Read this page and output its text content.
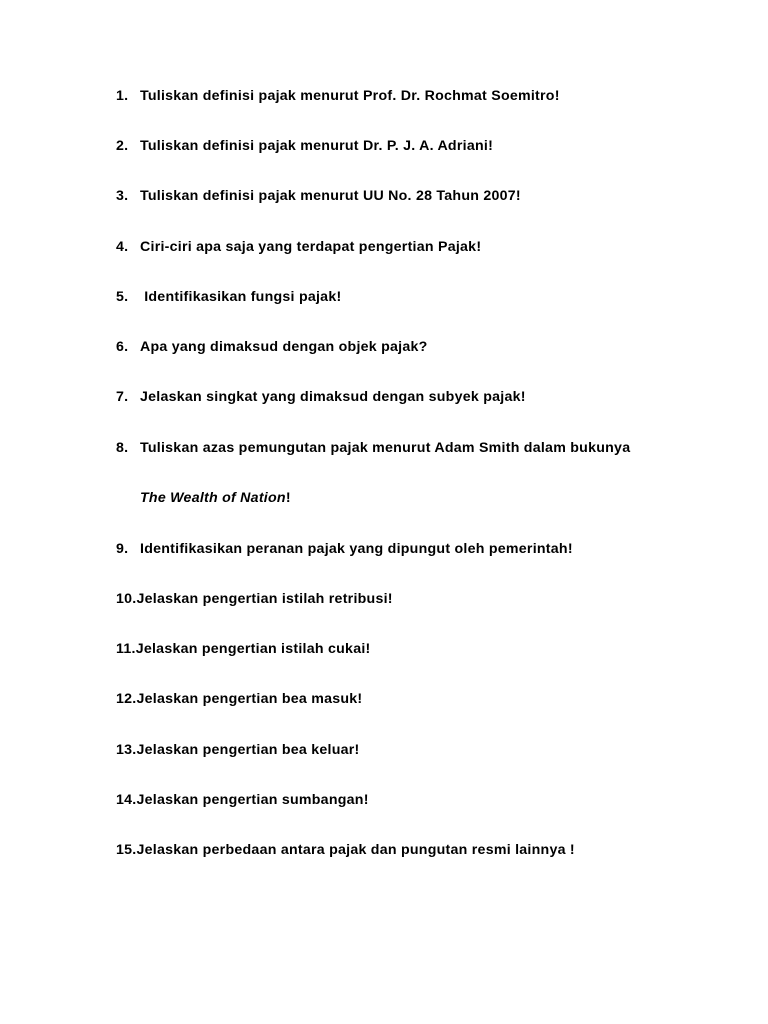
1. Tuliskan definisi pajak menurut Prof. Dr. Rochmat Soemitro!
2. Tuliskan definisi pajak menurut Dr. P. J. A. Adriani!
3. Tuliskan definisi pajak menurut UU No. 28 Tahun 2007!
4. Ciri-ciri apa saja yang terdapat pengertian Pajak!
5. Identifikasikan fungsi pajak!
6. Apa yang dimaksud dengan objek pajak?
7. Jelaskan singkat yang dimaksud dengan subyek pajak!
8. Tuliskan azas pemungutan pajak menurut Adam Smith dalam bukunya
The Wealth of Nation!
9. Identifikasikan peranan pajak yang dipungut oleh pemerintah!
10.Jelaskan pengertian istilah retribusi!
11.Jelaskan pengertian istilah cukai!
12.Jelaskan pengertian bea masuk!
13.Jelaskan pengertian bea keluar!
14.Jelaskan pengertian sumbangan!
15.Jelaskan perbedaan antara pajak dan pungutan resmi lainnya !
